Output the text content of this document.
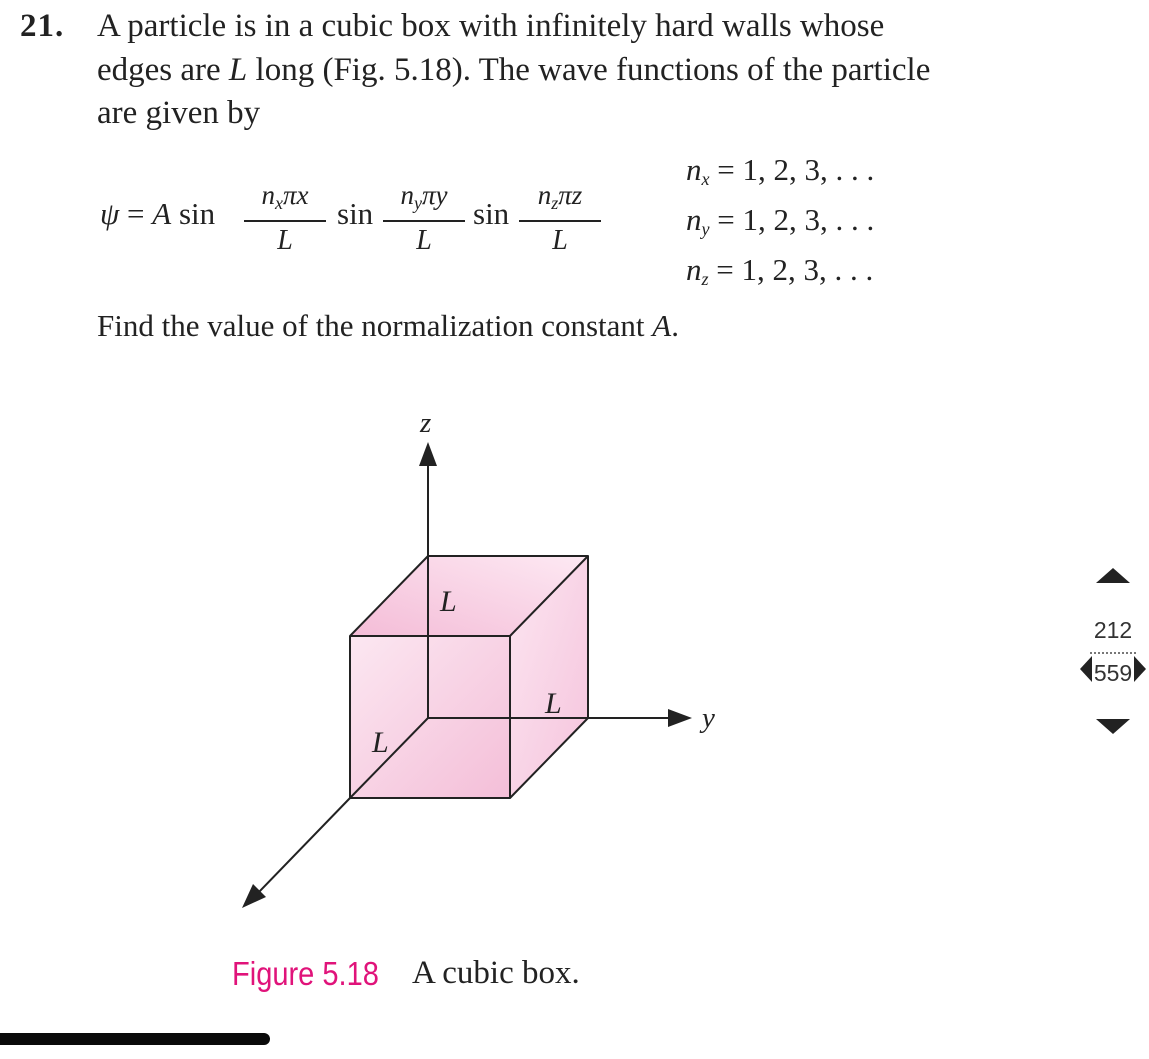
21. A particle is in a cubic box with infinitely hard walls whose
edges are L long (Fig. 5.18). The wave functions of the particle
are given by
ψ = A sin
$n_x\pi x$
L
sin
$n_y\pi y$
L
sin
$n_z\pi z$
L
$n_x = 1$, 2, 3, . . .
$n_y = 1$, 2, 3, . . .
$n_z = 1$, 2, 3, . . .
Find the value of the normalization constant A.
z
y
L
L
L
Figure 5.18 A cubic box.
212
559
